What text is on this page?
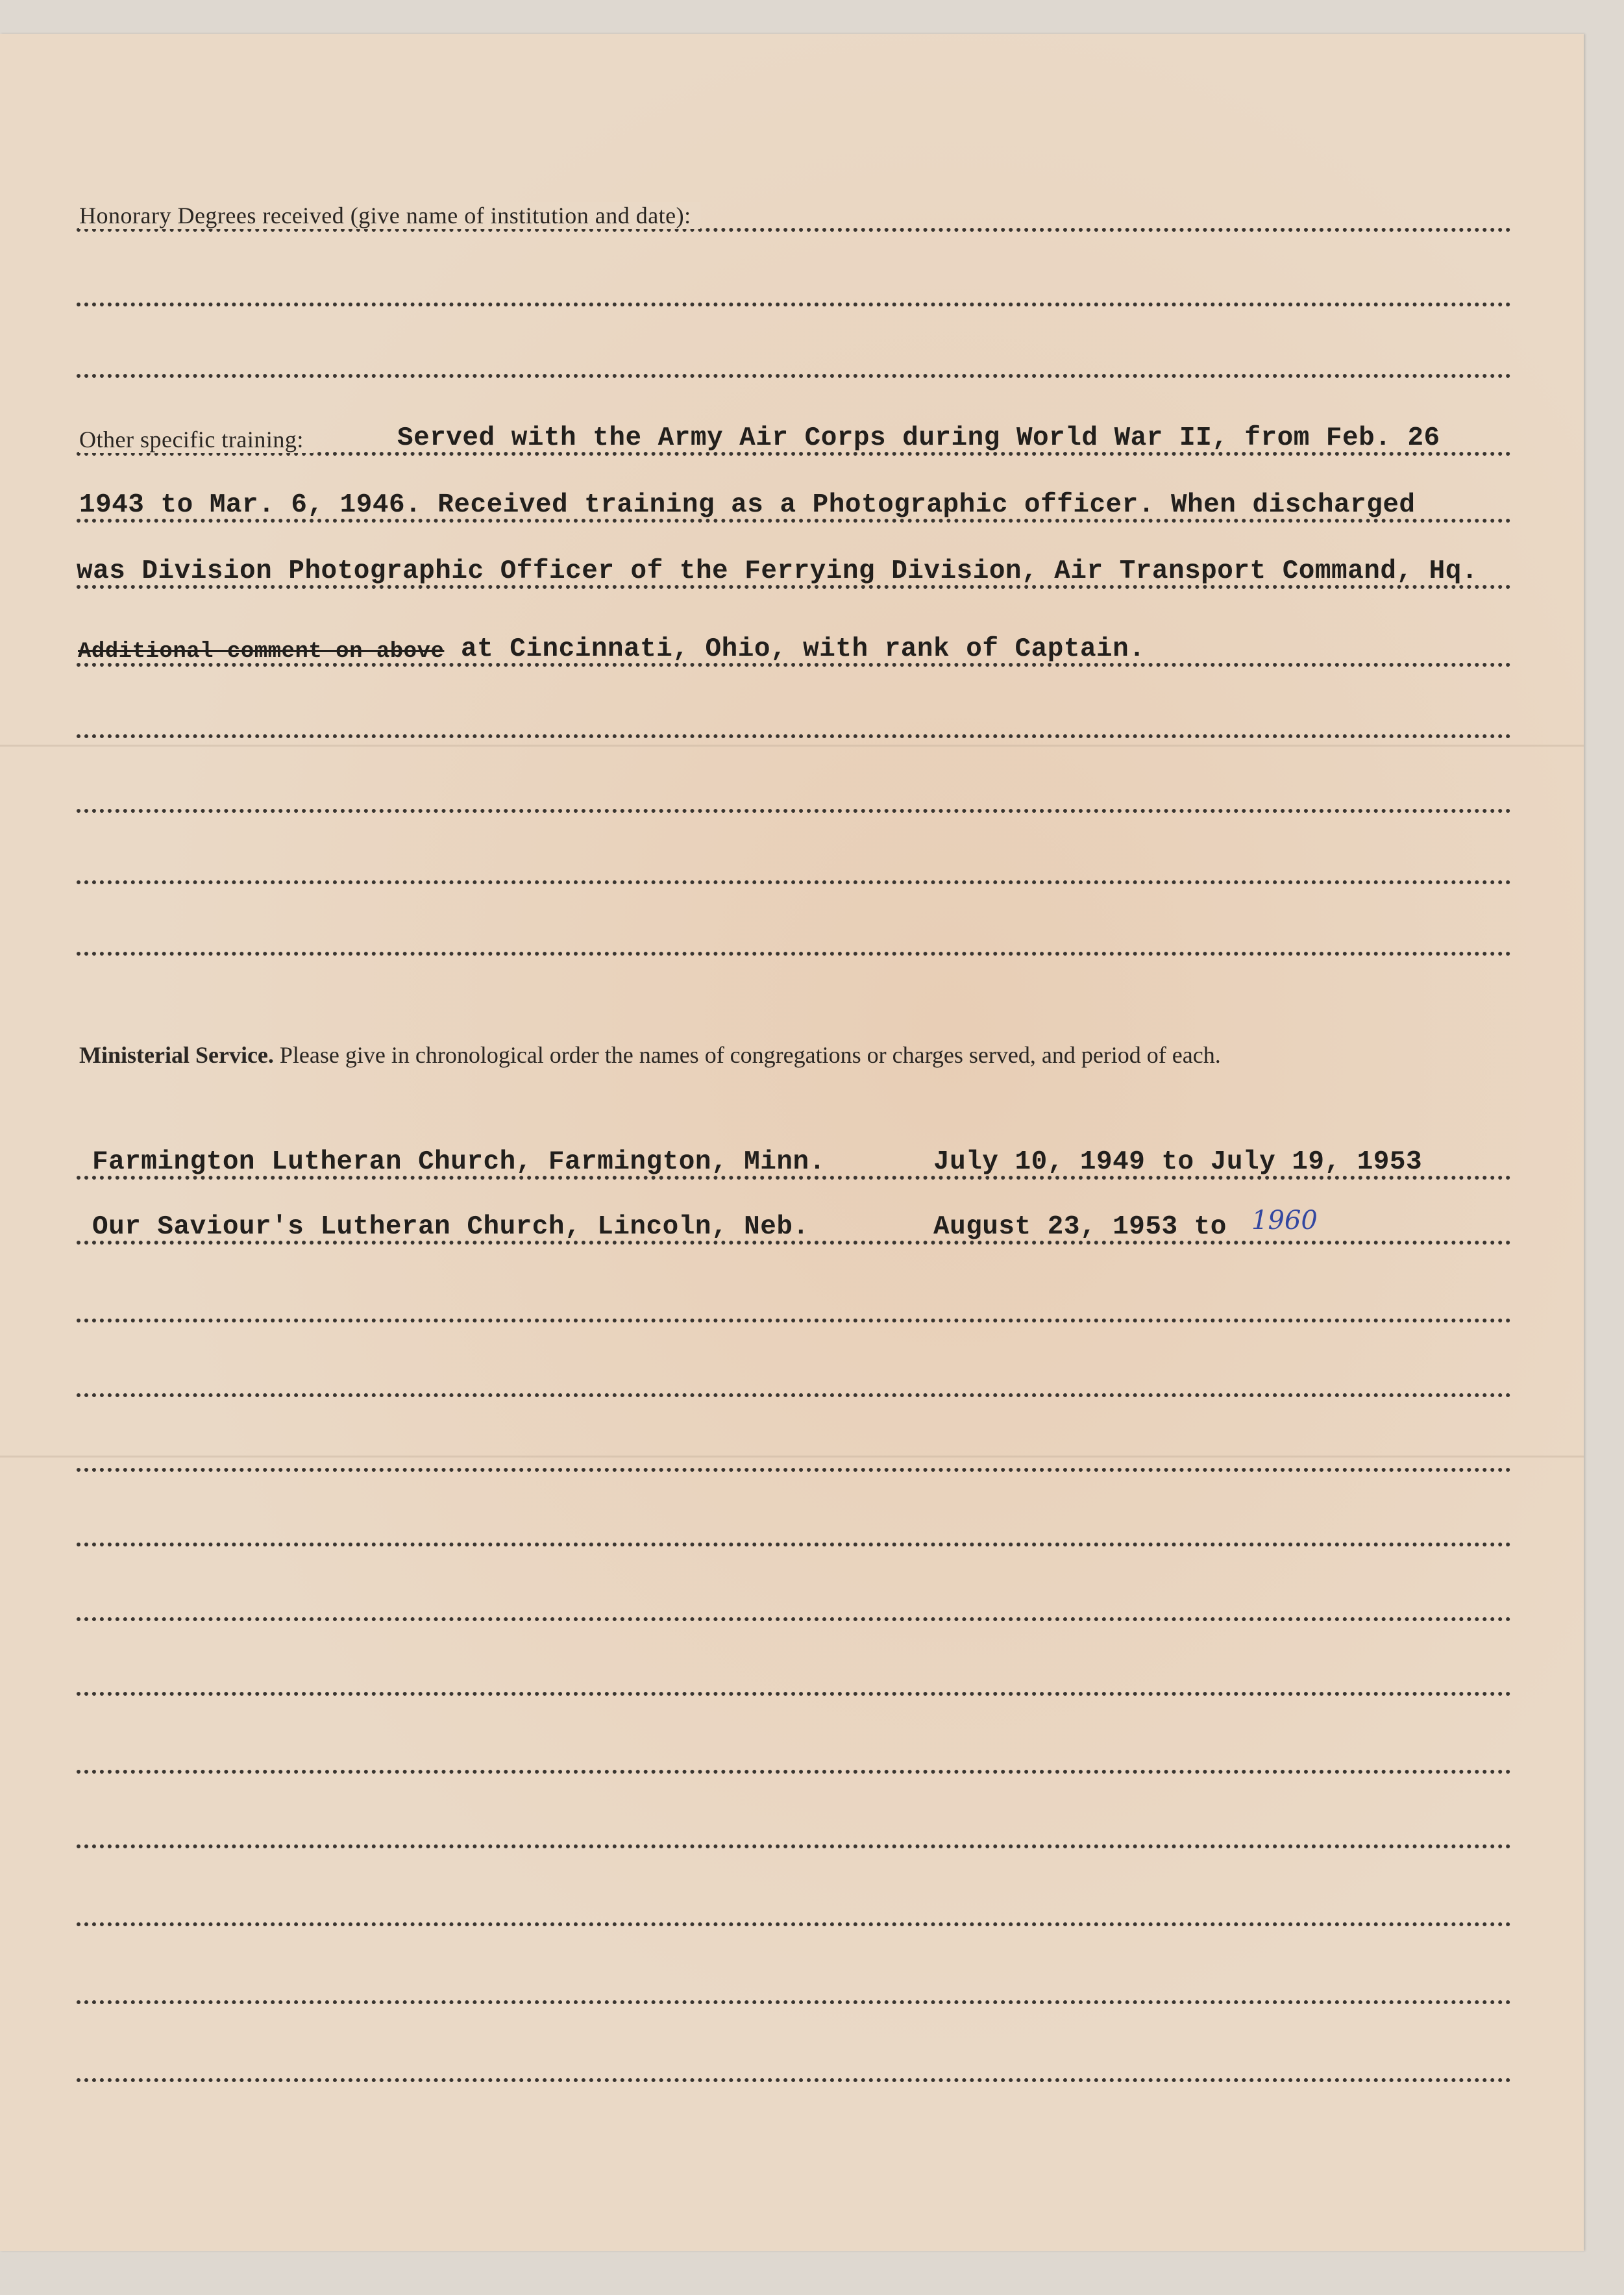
Honorary Degrees received (give name of institution and date):
Other specific training:	Served with the Army Air Corps during World War II, from Feb. 26
1943 to Mar. 6, 1946. Received training as a Photographic officer. When discharged
was Division Photographic Officer of the Ferrying Division, Air Transport Command, Hq.
Additional comment on above at Cincinnati, Ohio, with rank of Captain.
Ministerial Service. Please give in chronological order the names of congregations or charges served, and period of each.
Farmington Lutheran Church, Farmington, Minn.	July 10, 1949 to July 19, 1953
Our Saviour's Lutheran Church, Lincoln, Neb.	August 23, 1953 to 1960
